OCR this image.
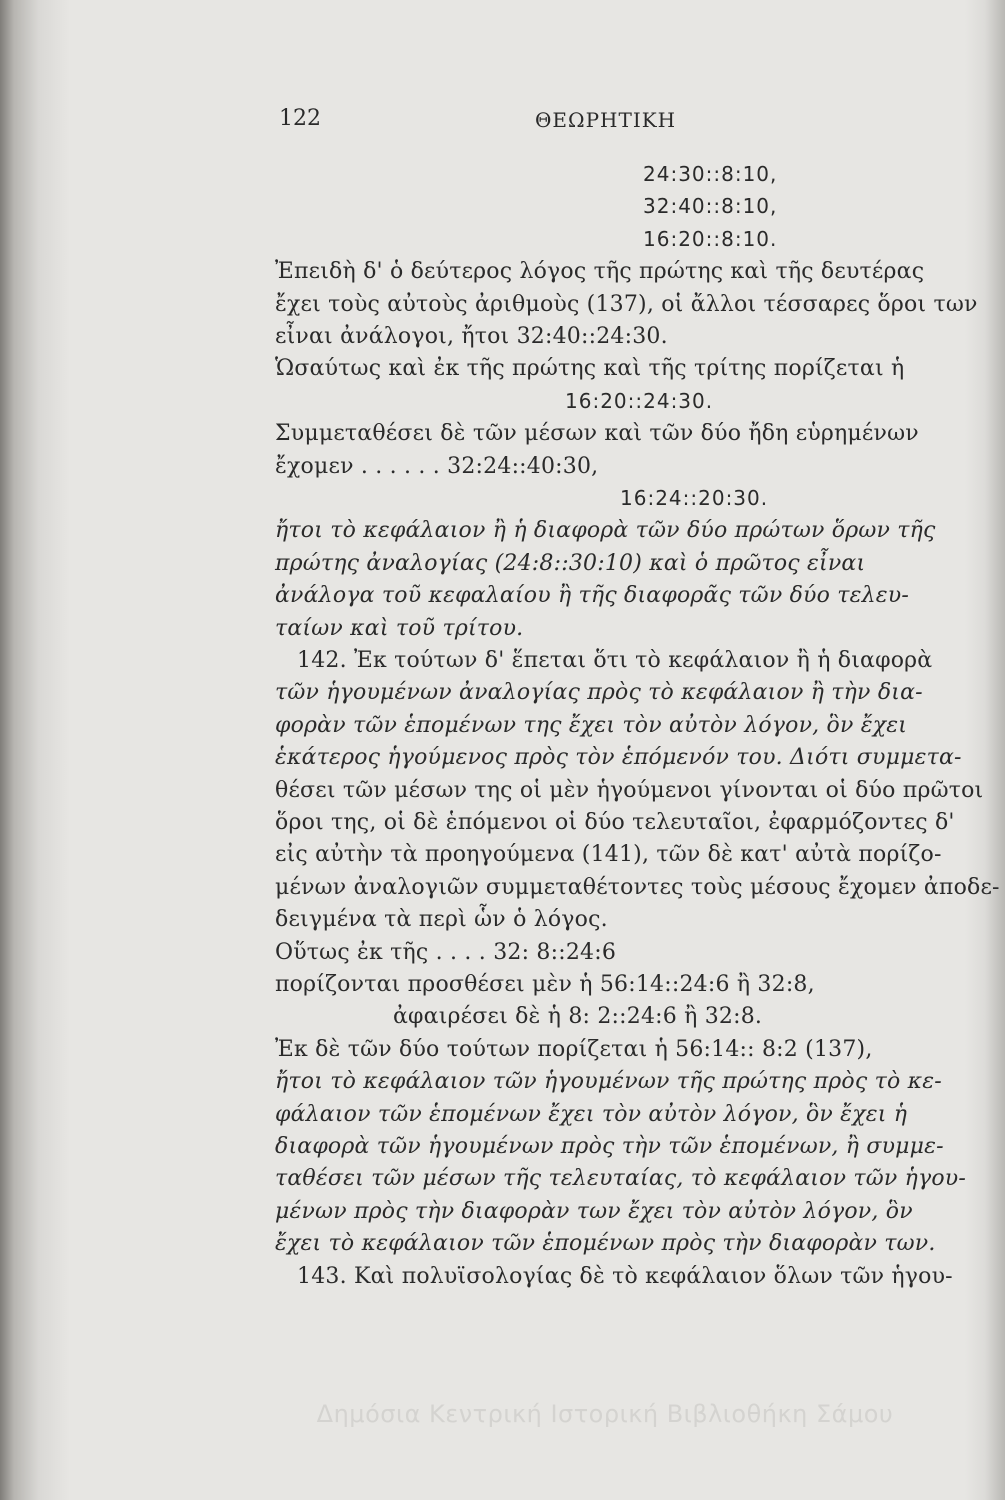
122	ΘΕΩΡΗΤΙΚΗ
24:30::8:10,
32:40::8:10,
16:20::8:10.
Ἐπειδὴ δ' ὁ δεύτερος λόγος τῆς πρώτης καὶ τῆς δευτέρας
ἔχει τοὺς αὐτοὺς ἀριθμοὺς (137), οἱ ἄλλοι τέσσαρες ὅροι των
εἶναι ἀνάλογοι, ἤτοι 32:40::24:30.
Ὡσαύτως καὶ ἐκ τῆς πρώτης καὶ τῆς τρίτης πορίζεται ἡ
16:20::24:30.
Συμμεταθέσει δὲ τῶν μέσων καὶ τῶν δύο ἤδη εὑρημένων
ἔχομεν . . . . . . 32:24::40:30,
16:24::20:30.
ἤτοι τὸ κεφάλαιον ἢ ἡ διαφορὰ τῶν δύο πρώτων ὅρων τῆς
πρώτης ἀναλογίας (24:8::30:10) καὶ ὁ πρῶτος εἶναι
ἀνάλογα τοῦ κεφαλαίου ἢ τῆς διαφορᾶς τῶν δύο τελευ-
ταίων καὶ τοῦ τρίτου.
142. Ἐκ τούτων δ' ἕπεται ὅτι τὸ κεφάλαιον ἢ ἡ διαφορὰ
τῶν ἡγουμένων ἀναλογίας πρὸς τὸ κεφάλαιον ἢ τὴν δια-
φορὰν τῶν ἑπομένων της ἔχει τὸν αὐτὸν λόγον, ὃν ἔχει
ἑκάτερος ἡγούμενος πρὸς τὸν ἑπόμενόν του. Διότι συμμετα-
θέσει τῶν μέσων της οἱ μὲν ἡγούμενοι γίνονται οἱ δύο πρῶτοι
ὅροι της, οἱ δὲ ἑπόμενοι οἱ δύο τελευταῖοι, ἐφαρμόζοντες δ'
εἰς αὐτὴν τὰ προηγούμενα (141), τῶν δὲ κατ' αὐτὰ πορίζο-
μένων ἀναλογιῶν συμμεταθέτοντες τοὺς μέσους ἔχομεν ἀποδε-
δειγμένα τὰ περὶ ὧν ὁ λόγος.
Οὕτως ἐκ τῆς . . . . 32: 8::24:6
πορίζονται προσθέσει μὲν ἡ 56:14::24:6 ἢ 32:8,
ἀφαιρέσει δὲ ἡ 8: 2::24:6 ἢ 32:8.
Ἐκ δὲ τῶν δύο τούτων πορίζεται ἡ 56:14:: 8:2 (137),
ἤτοι τὸ κεφάλαιον τῶν ἡγουμένων τῆς πρώτης πρὸς τὸ κε-
φάλαιον τῶν ἑπομένων ἔχει τὸν αὐτὸν λόγον, ὃν ἔχει ἡ
διαφορὰ τῶν ἡγουμένων πρὸς τὴν τῶν ἑπομένων, ἢ συμμε-
ταθέσει τῶν μέσων τῆς τελευταίας, τὸ κεφάλαιον τῶν ἡγου-
μένων πρὸς τὴν διαφορὰν των ἔχει τὸν αὐτὸν λόγον, ὃν
ἔχει τὸ κεφάλαιον τῶν ἑπομένων πρὸς τὴν διαφορὰν των.
143. Καὶ πολυϊσολογίας δὲ τὸ κεφάλαιον ὅλων τῶν ἡγου-
Δημόσια Κεντρική Ιστορική Βιβλιοθήκη Σάμου
